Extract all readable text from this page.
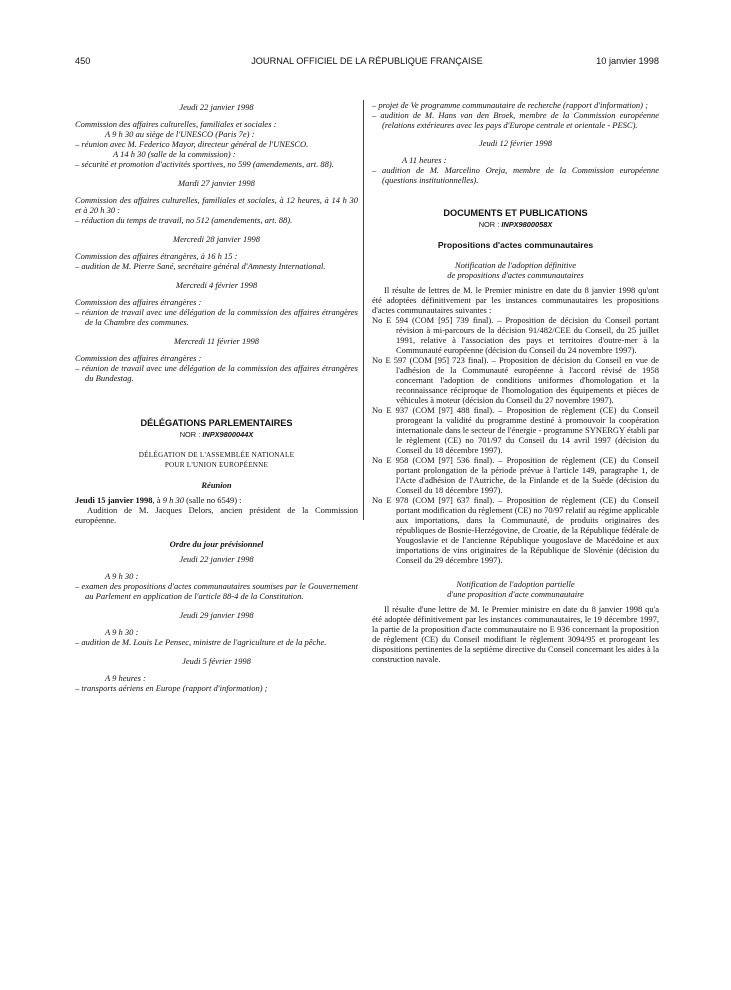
450	JOURNAL OFFICIEL DE LA RÉPUBLIQUE FRANÇAISE	10 janvier 1998

Jeudi 22 janvier 1998

Commission des affaires culturelles, familiales et sociales :

A 9 h 30 au siège de l'UNESCO (Paris 7e) :

– réunion avec M. Federico Mayor, directeur général de l'UNESCO.

A 14 h 30 (salle de la commission) :

– sécurité et promotion d'activités sportives, no 599 (amendements, art. 88).

Mardi 27 janvier 1998

Commission des affaires culturelles, familiales et sociales, à 12 heures, à 14 h 30 et à 20 h 30 :

– réduction du temps de travail, no 512 (amendements, art. 88).

Mercredi 28 janvier 1998

Commission des affaires étrangères, à 16 h 15 :

– audition de M. Pierre Sané, secrétaire général d'Amnesty International.

Mercredi 4 février 1998

Commission des affaires étrangères :

– réunion de travail avec une délégation de la commission des affaires étrangères de la Chambre des communes.

Mercredi 11 février 1998

Commission des affaires étrangères :

– réunion de travail avec une délégation de la commission des affaires étrangères du Bundestag.

DÉLÉGATIONS PARLEMENTAIRES

NOR : INPX9800044X

DÉLÉGATION DE L'ASSEMBLÉE NATIONALE

POUR L'UNION EUROPÉENNE

Réunion

Jeudi 15 janvier 1998, à 9 h 30 (salle no 6549) :

Audition de M. Jacques Delors, ancien président de la Commission européenne.

Ordre du jour prévisionnel

Jeudi 22 janvier 1998

A 9 h 30 :

– examen des propositions d'actes communautaires soumises par le Gouvernement au Parlement en application de l'article 88-4 de la Constitution.

Jeudi 29 janvier 1998

A 9 h 30 :

– audition de M. Louis Le Pensec, ministre de l'agriculture et de la pêche.

Jeudi 5 février 1998

A 9 heures :

– transports aériens en Europe (rapport d'information) ;

– projet de Ve programme communautaire de recherche (rapport d'information) ;

– audition de M. Hans van den Broek, membre de la Commission européenne (relations extérieures avec les pays d'Europe centrale et orientale - PESC).

Jeudi 12 février 1998

A 11 heures :

– audition de M. Marcelino Oreja, membre de la Commission européenne (questions institutionnelles).

DOCUMENTS ET PUBLICATIONS

NOR : INPX9800058X

Propositions d'actes communautaires

Notification de l'adoption définitive

de propositions d'actes communautaires

Il résulte de lettres de M. le Premier ministre en date du 8 janvier 1998 qu'ont été adoptées définitivement par les instances communautaires les propositions d'actes communautaires suivantes :

No E 594 (COM [95] 739 final). – Proposition de décision du Conseil portant révision à mi-parcours de la décision 91/482/CEE du Conseil, du 25 juillet 1991, relative à l'association des pays et territoires d'outre-mer à la Communauté européenne (décision du Conseil du 24 novembre 1997).

No E 597 (COM [95] 723 final). – Proposition de décision du Conseil en vue de l'adhésion de la Communauté européenne à l'accord révisé de 1958 concernant l'adoption de conditions uniformes d'homologation et la reconnaissance réciproque de l'homologation des équipements et pièces de véhicules à moteur (décision du Conseil du 27 novembre 1997).

No E 937 (COM [97] 488 final). – Proposition de règlement (CE) du Conseil prorogeant la validité du programme destiné à promouvoir la coopération internationale dans le secteur de l'énergie - programme SYNERGY établi par le règlement (CE) no 701/97 du Conseil du 14 avril 1997 (décision du Conseil du 18 décembre 1997).

No E 958 (COM [97] 536 final). – Proposition de règlement (CE) du Conseil portant prolongation de la période prévue à l'article 149, paragraphe 1, de l'Acte d'adhésion de l'Autriche, de la Finlande et de la Suède (décision du Conseil du 18 décembre 1997).

No E 978 (COM [97] 637 final). – Proposition de règlement (CE) du Conseil portant modification du règlement (CE) no 70/97 relatif au régime applicable aux importations, dans la Communauté, de produits originaires des républiques de Bosnie-Herzégovine, de Croatie, de la République fédérale de Yougoslavie et de l'ancienne République yougoslave de Macédoine et aux importations de vins originaires de la République de Slovénie (décision du Conseil du 29 décembre 1997).

Notification de l'adoption partielle

d'une proposition d'acte communautaire

Il résulte d'une lettre de M. le Premier ministre en date du 8 janvier 1998 qu'a été adoptée définitivement par les instances communautaires, le 19 décembre 1997, la partie de la proposition d'acte communautaire no E 936 concernant la proposition de règlement (CE) du Conseil modifiant le règlement 3094/95 et prorogeant les dispositions pertinentes de la septième directive du Conseil concernant les aides à la construction navale.
